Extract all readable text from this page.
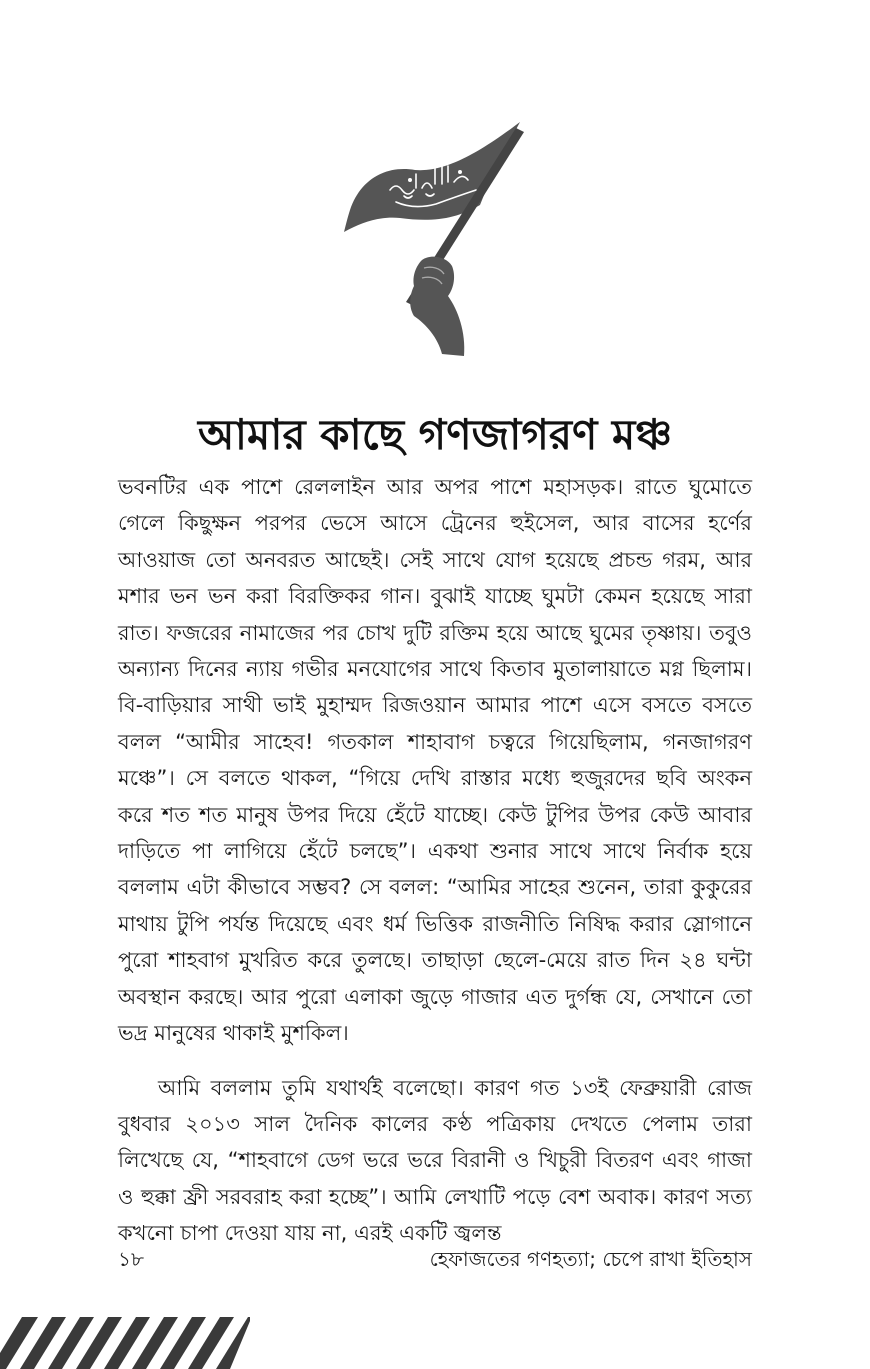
আমার কাছে গণজাগরণ মঞ্চ

ভবনটির এক পাশে রেললাইন আর অপর পাশে মহাসড়ক। রাতে ঘুমোতে গেলে কিছুক্ষন পরপর ভেসে আসে ট্রেনের হুইসেল, আর বাসের হর্ণের আওয়াজ তো অনবরত আছেই। সেই সাথে যোগ হয়েছে প্রচন্ড গরম, আর মশার ভন ভন করা বিরক্তিকর গান। বুঝাই যাচ্ছে ঘুমটা কেমন হয়েছে সারা রাত। ফজরের নামাজের পর চোখ দুটি রক্তিম হয়ে আছে ঘুমের তৃষ্ণায়। তবুও অন্যান্য দিনের ন্যায় গভীর মনযোগের সাথে কিতাব মুতালায়াতে মগ্ন ছিলাম। বি-বাড়িয়ার সাথী ভাই মুহাম্মদ রিজওয়ান আমার পাশে এসে বসতে বসতে বলল “আমীর সাহেব! গতকাল শাহাবাগ চত্বরে গিয়েছিলাম, গনজাগরণ মঞ্চে”। সে বলতে থাকল, “গিয়ে দেখি রাস্তার মধ্যে হুজুরদের ছবি অংকন করে শত শত মানুষ উপর দিয়ে হেঁটে যাচ্ছে। কেউ টুপির উপর কেউ আবার দাড়িতে পা লাগিয়ে হেঁটে চলছে”। একথা শুনার সাথে সাথে নির্বাক হয়ে বললাম এটা কীভাবে সম্ভব? সে বলল: “আমির সাহের শুনেন, তারা কুকুরের মাথায় টুপি পর্যন্ত দিয়েছে এবং ধর্ম ভিত্তিক রাজনীতি নিষিদ্ধ করার স্লোগানে পুরো শাহবাগ মুখরিত করে তুলছে। তাছাড়া ছেলে-মেয়ে রাত দিন ২৪ ঘন্টা অবস্থান করছে। আর পুরো এলাকা জুড়ে গাজার এত দুর্গন্ধ যে, সেখানে তো ভদ্র মানুষের থাকাই মুশকিল।

আমি বললাম তুমি যথার্থই বলেছো। কারণ গত ১৩ই ফেব্রুয়ারী রোজ বুধবার ২০১৩ সাল দৈনিক কালের কণ্ঠ পত্রিকায় দেখতে পেলাম তারা লিখেছে যে, “শাহবাগে ডেগ ভরে ভরে বিরানী ও খিচুরী বিতরণ এবং গাজা ও হুক্কা ফ্রী সরবরাহ করা হচ্ছে”। আমি লেখাটি পড়ে বেশ অবাক। কারণ সত্য কখনো চাপা দেওয়া যায় না, এরই একটি জ্বলন্ত

১৮	হেফাজতের গণহত্যা; চেপে রাখা ইতিহাস
